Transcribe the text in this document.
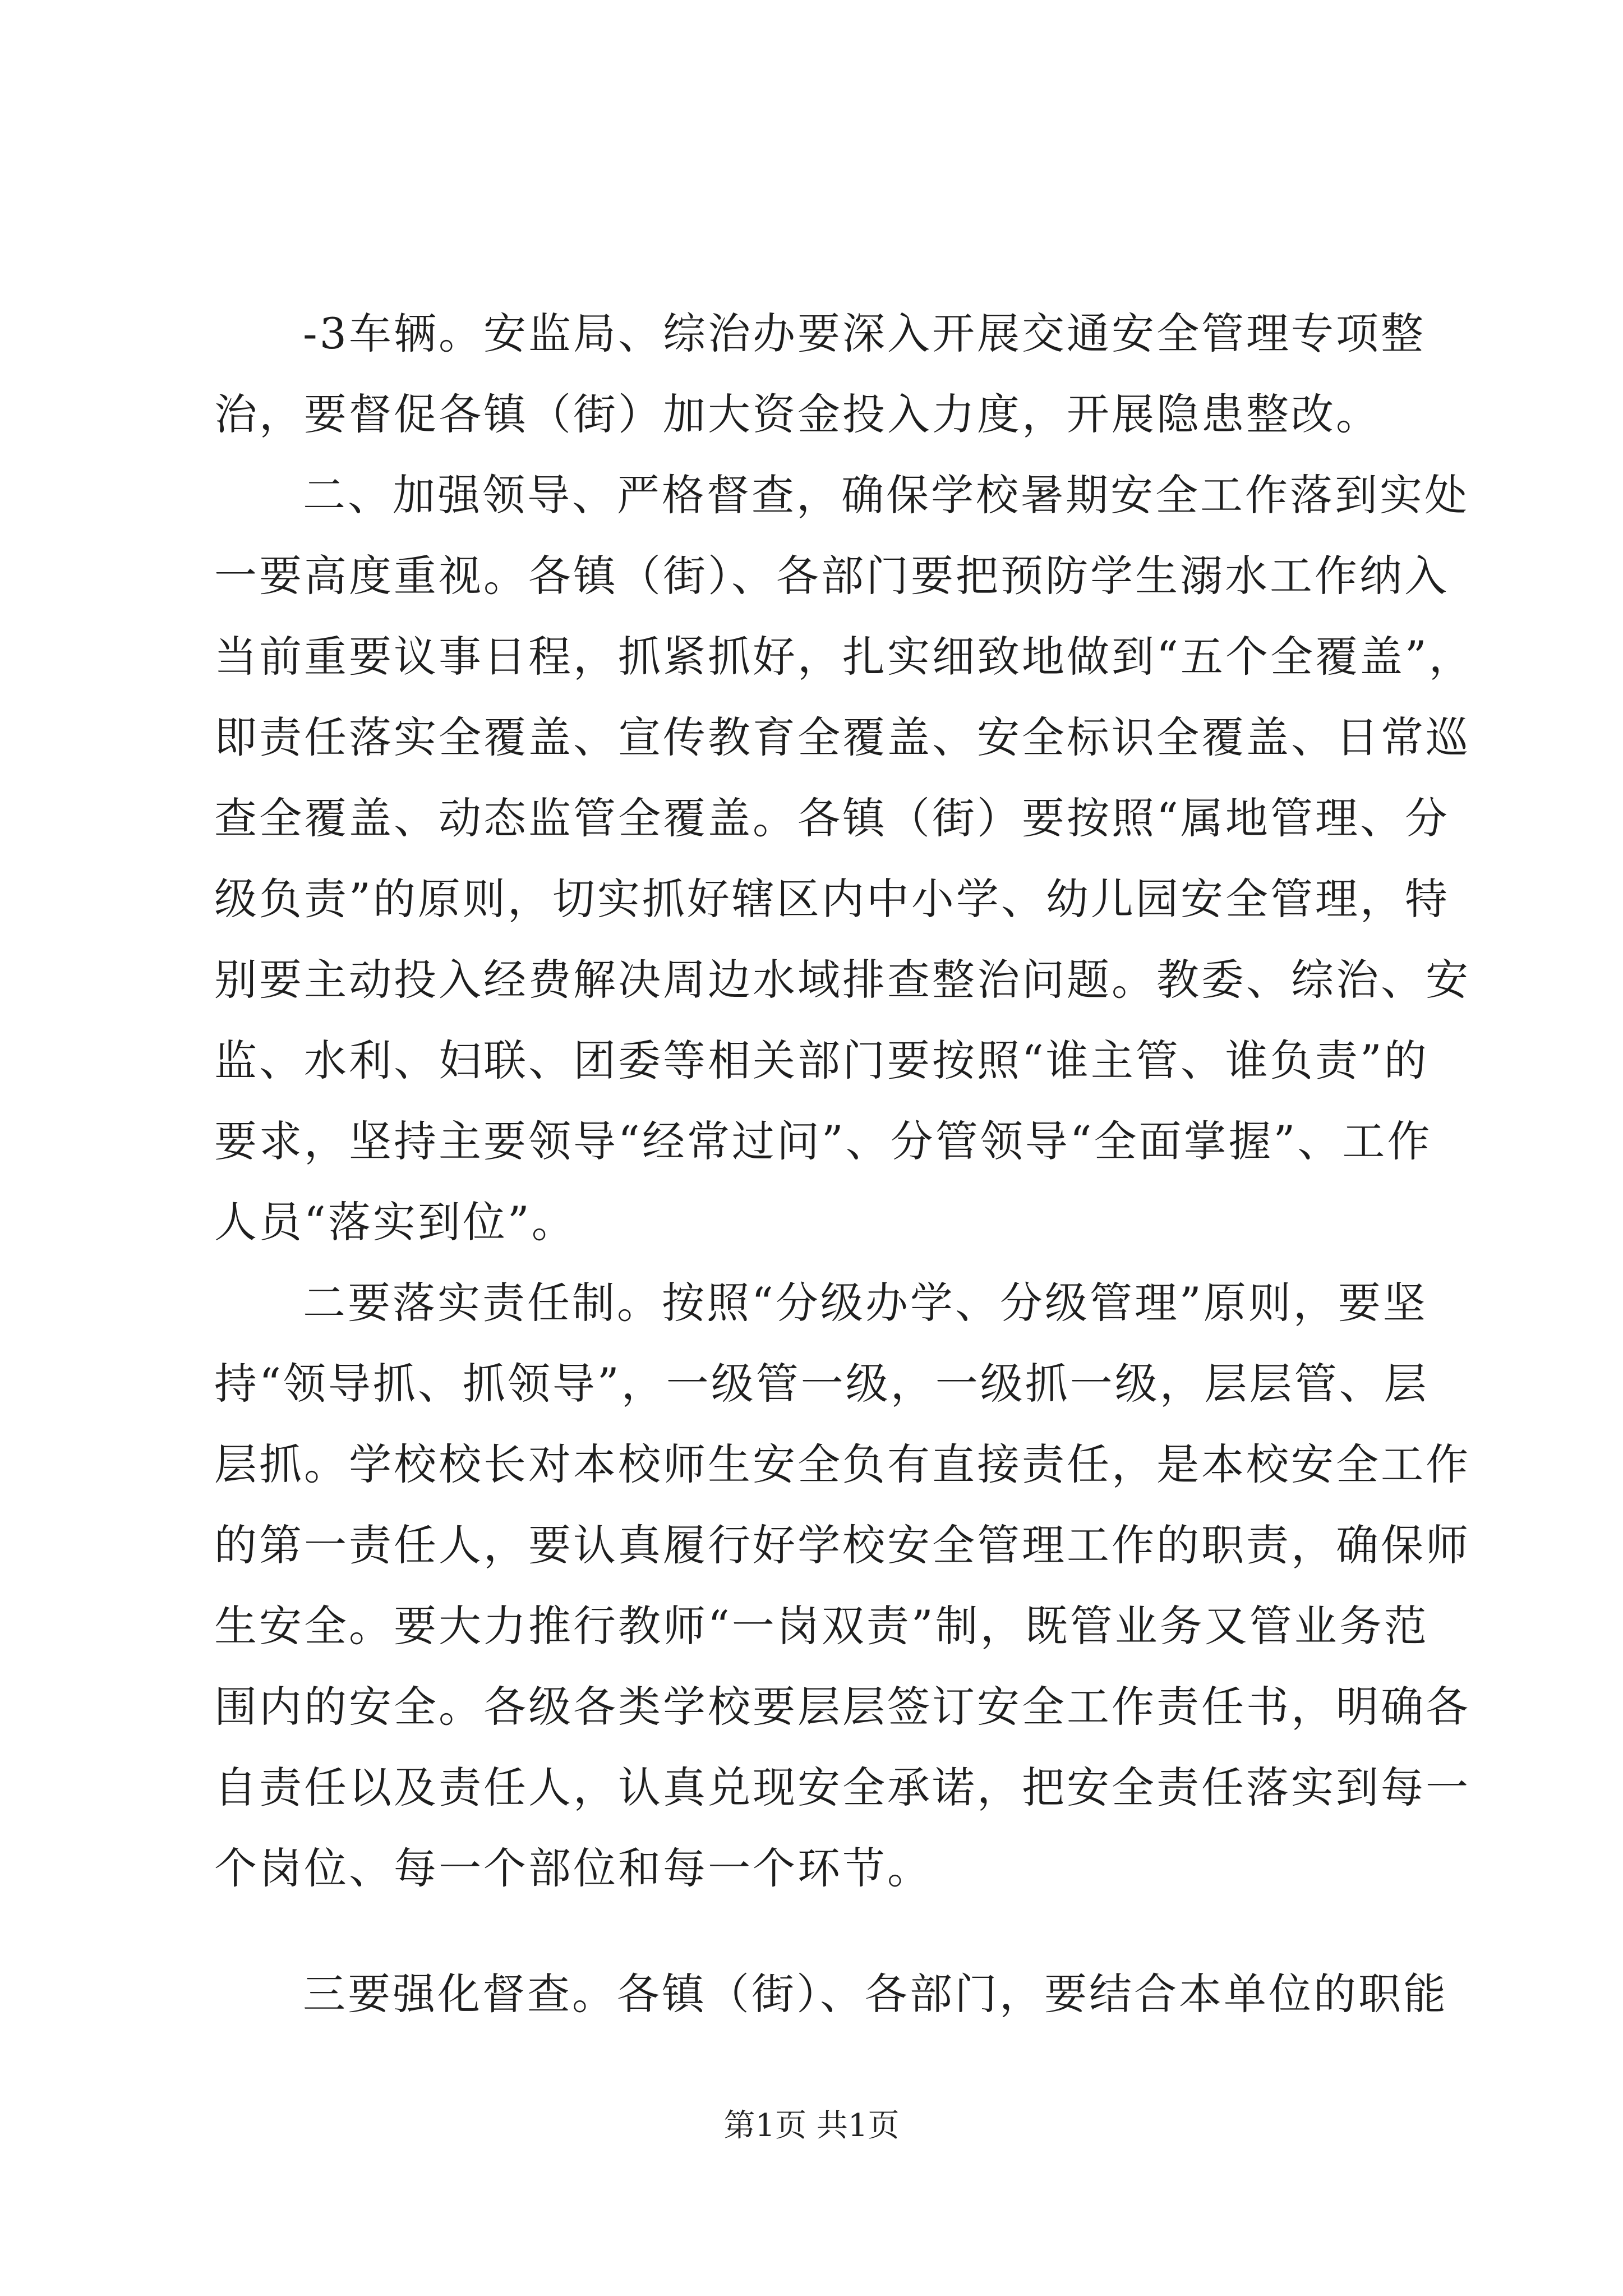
-3车辆。安监局、综治办要深入开展交通安全管理专项整
治，要督促各镇（街）加大资金投入力度，开展隐患整改。
二、加强领导、严格督查，确保学校暑期安全工作落到实处
一要高度重视。各镇（街）、各部门要把预防学生溺水工作纳入
当前重要议事日程，抓紧抓好，扎实细致地做到“五个全覆盖”，
即责任落实全覆盖、宣传教育全覆盖、安全标识全覆盖、日常巡
查全覆盖、动态监管全覆盖。各镇（街）要按照“属地管理、分
级负责”的原则，切实抓好辖区内中小学、幼儿园安全管理，特
别要主动投入经费解决周边水域排查整治问题。教委、综治、安
监、水利、妇联、团委等相关部门要按照“谁主管、谁负责”的
要求，坚持主要领导“经常过问”、分管领导“全面掌握”、工作
人员“落实到位”。
二要落实责任制。按照“分级办学、分级管理”原则，要坚
持“领导抓、抓领导”，一级管一级，一级抓一级，层层管、层
层抓。学校校长对本校师生安全负有直接责任，是本校安全工作
的第一责任人，要认真履行好学校安全管理工作的职责，确保师
生安全。要大力推行教师“一岗双责”制，既管业务又管业务范
围内的安全。各级各类学校要层层签订安全工作责任书，明确各
自责任以及责任人，认真兑现安全承诺，把安全责任落实到每一
个岗位、每一个部位和每一个环节。
三要强化督查。各镇（街）、各部门，要结合本单位的职能
第1页 共1页
